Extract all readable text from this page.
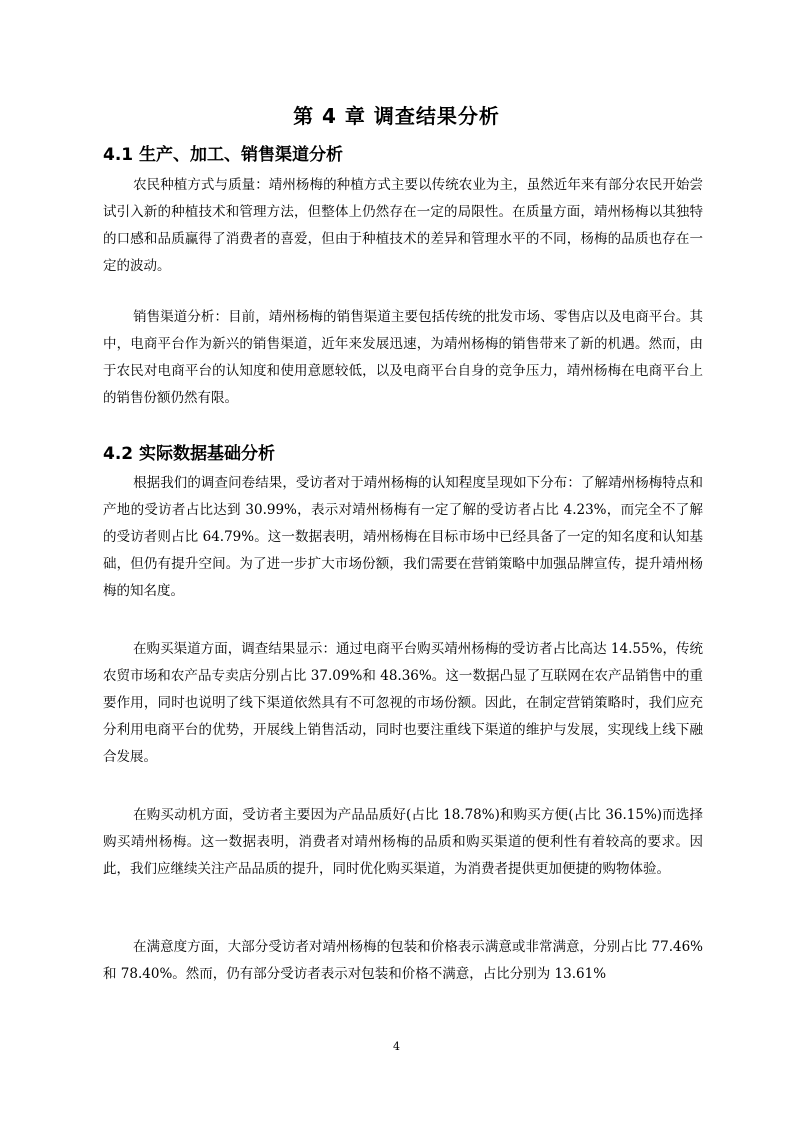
第 4 章 调查结果分析
4.1 生产、加工、销售渠道分析
农民种植方式与质量：靖州杨梅的种植方式主要以传统农业为主，虽然近年来有部分农民开始尝试引入新的种植技术和管理方法，但整体上仍然存在一定的局限性。在质量方面，靖州杨梅以其独特的口感和品质赢得了消费者的喜爱，但由于种植技术的差异和管理水平的不同，杨梅的品质也存在一定的波动。
销售渠道分析：目前，靖州杨梅的销售渠道主要包括传统的批发市场、零售店以及电商平台。其中，电商平台作为新兴的销售渠道，近年来发展迅速，为靖州杨梅的销售带来了新的机遇。然而，由于农民对电商平台的认知度和使用意愿较低，以及电商平台自身的竞争压力，靖州杨梅在电商平台上的销售份额仍然有限。
4.2 实际数据基础分析
根据我们的调查问卷结果，受访者对于靖州杨梅的认知程度呈现如下分布：了解靖州杨梅特点和产地的受访者占比达到 30.99%，表示对靖州杨梅有一定了解的受访者占比 4.23%，而完全不了解的受访者则占比 64.79%。这一数据表明，靖州杨梅在目标市场中已经具备了一定的知名度和认知基础，但仍有提升空间。为了进一步扩大市场份额，我们需要在营销策略中加强品牌宣传，提升靖州杨梅的知名度。
在购买渠道方面，调查结果显示：通过电商平台购买靖州杨梅的受访者占比高达 14.55%，传统农贸市场和农产品专卖店分别占比 37.09%和 48.36%。这一数据凸显了互联网在农产品销售中的重要作用，同时也说明了线下渠道依然具有不可忽视的市场份额。因此，在制定营销策略时，我们应充分利用电商平台的优势，开展线上销售活动，同时也要注重线下渠道的维护与发展，实现线上线下融合发展。
在购买动机方面，受访者主要因为产品品质好(占比 18.78%)和购买方便(占比 36.15%)而选择购买靖州杨梅。这一数据表明，消费者对靖州杨梅的品质和购买渠道的便利性有着较高的要求。因此，我们应继续关注产品品质的提升，同时优化购买渠道，为消费者提供更加便捷的购物体验。
在满意度方面，大部分受访者对靖州杨梅的包装和价格表示满意或非常满意，分别占比 77.46%和 78.40%。然而，仍有部分受访者表示对包装和价格不满意，占比分别为 13.61%
4
